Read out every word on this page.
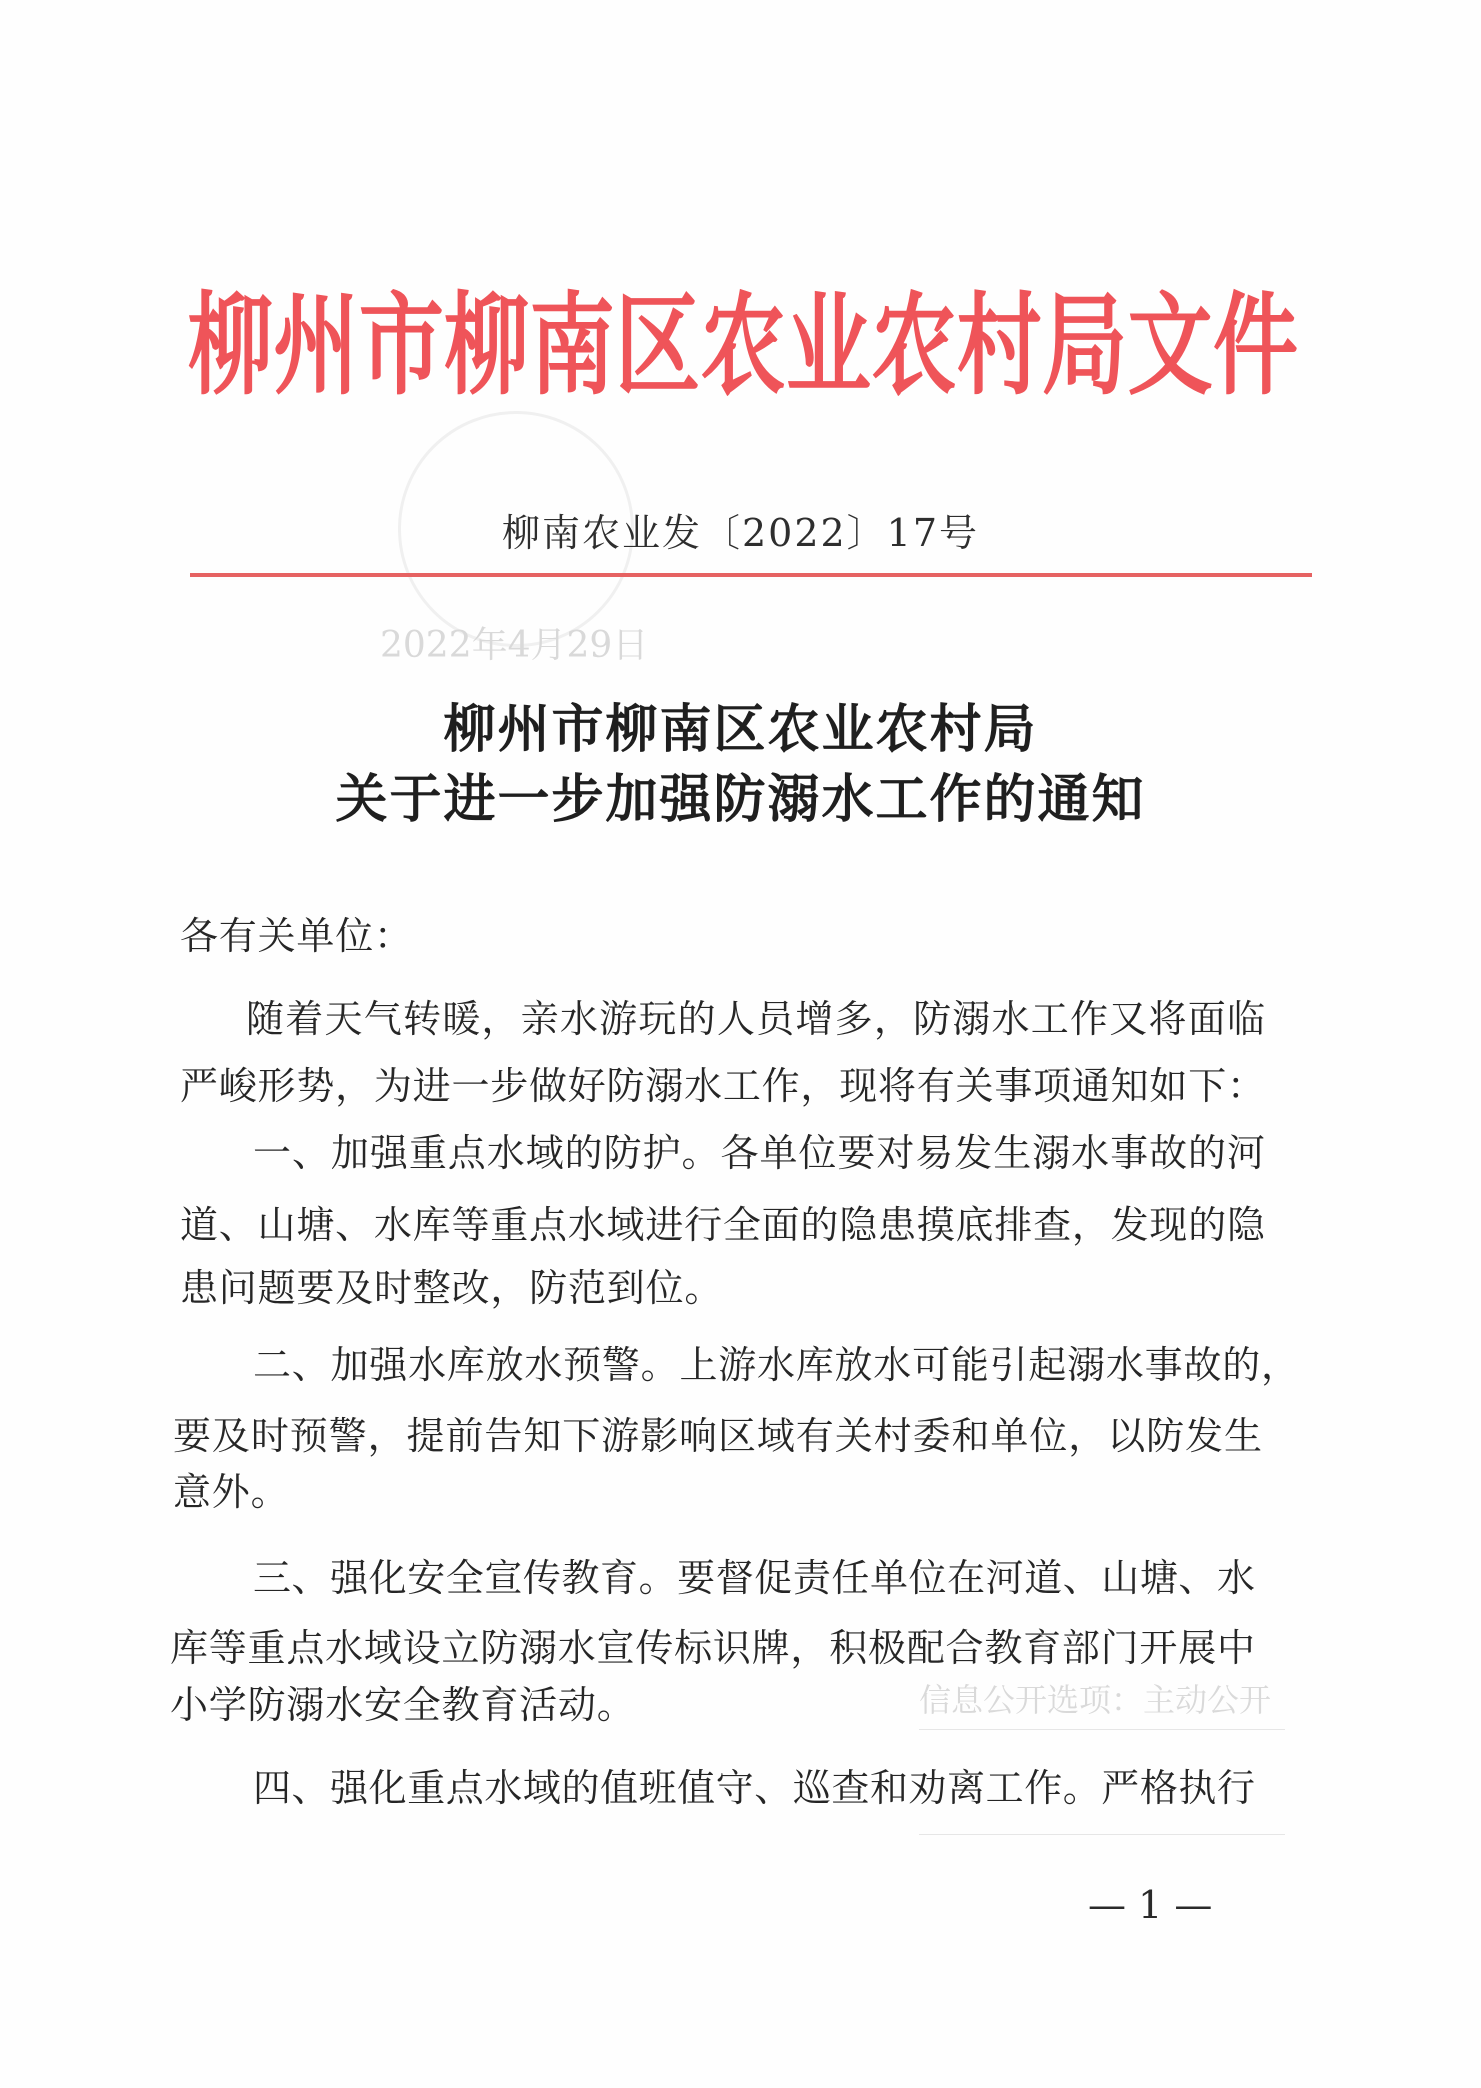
2022年4月29日
信息公开选项：主动公开
柳州市柳南区农业农村局文件
柳南农业发〔2022〕17号
柳州市柳南区农业农村局
关于进一步加强防溺水工作的通知
各有关单位：
随着天气转暖，亲水游玩的人员增多，防溺水工作又将面临
严峻形势，为进一步做好防溺水工作，现将有关事项通知如下：
一、加强重点水域的防护。各单位要对易发生溺水事故的河
道、山塘、水库等重点水域进行全面的隐患摸底排查，发现的隐
患问题要及时整改，防范到位。
二、加强水库放水预警。上游水库放水可能引起溺水事故的，
要及时预警，提前告知下游影响区域有关村委和单位，以防发生
意外。
三、强化安全宣传教育。要督促责任单位在河道、山塘、水
库等重点水域设立防溺水宣传标识牌，积极配合教育部门开展中
小学防溺水安全教育活动。
四、强化重点水域的值班值守、巡查和劝离工作。严格执行
— 1 —
